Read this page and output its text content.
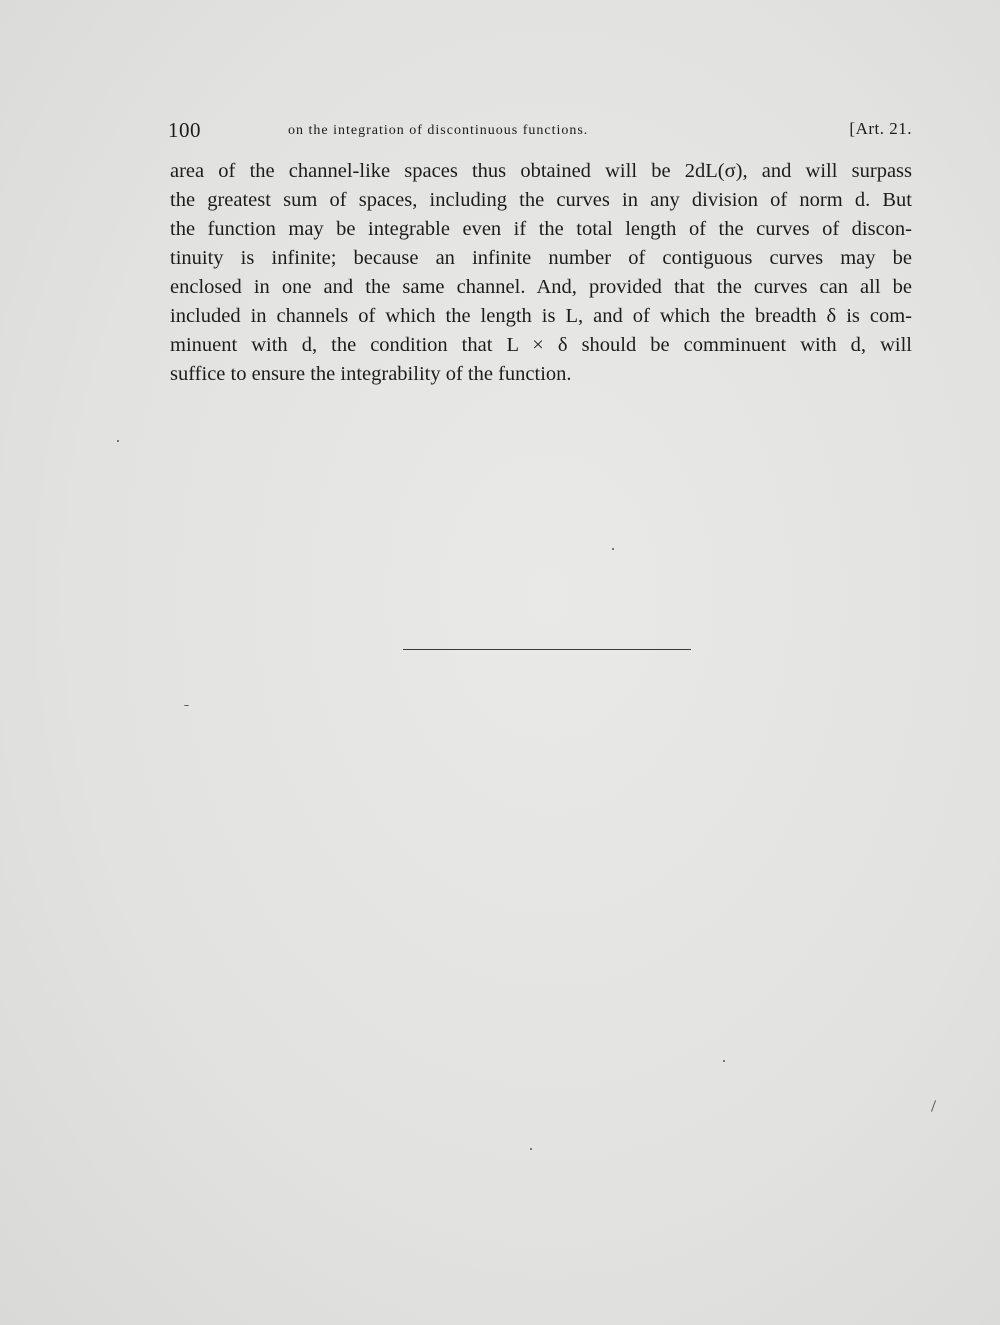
100	on the integration of discontinuous functions.	[Art. 21.
area of the channel-like spaces thus obtained will be 2dL(σ), and will surpass
the greatest sum of spaces, including the curves in any division of norm d. But
the function may be integrable even if the total length of the curves of discon-
tinuity is infinite; because an infinite number of contiguous curves may be
enclosed in one and the same channel. And, provided that the curves can all be
included in channels of which the length is L, and of which the breadth δ is com-
minuent with d, the condition that L × δ should be comminuent with d, will
suffice to ensure the integrability of the function.
